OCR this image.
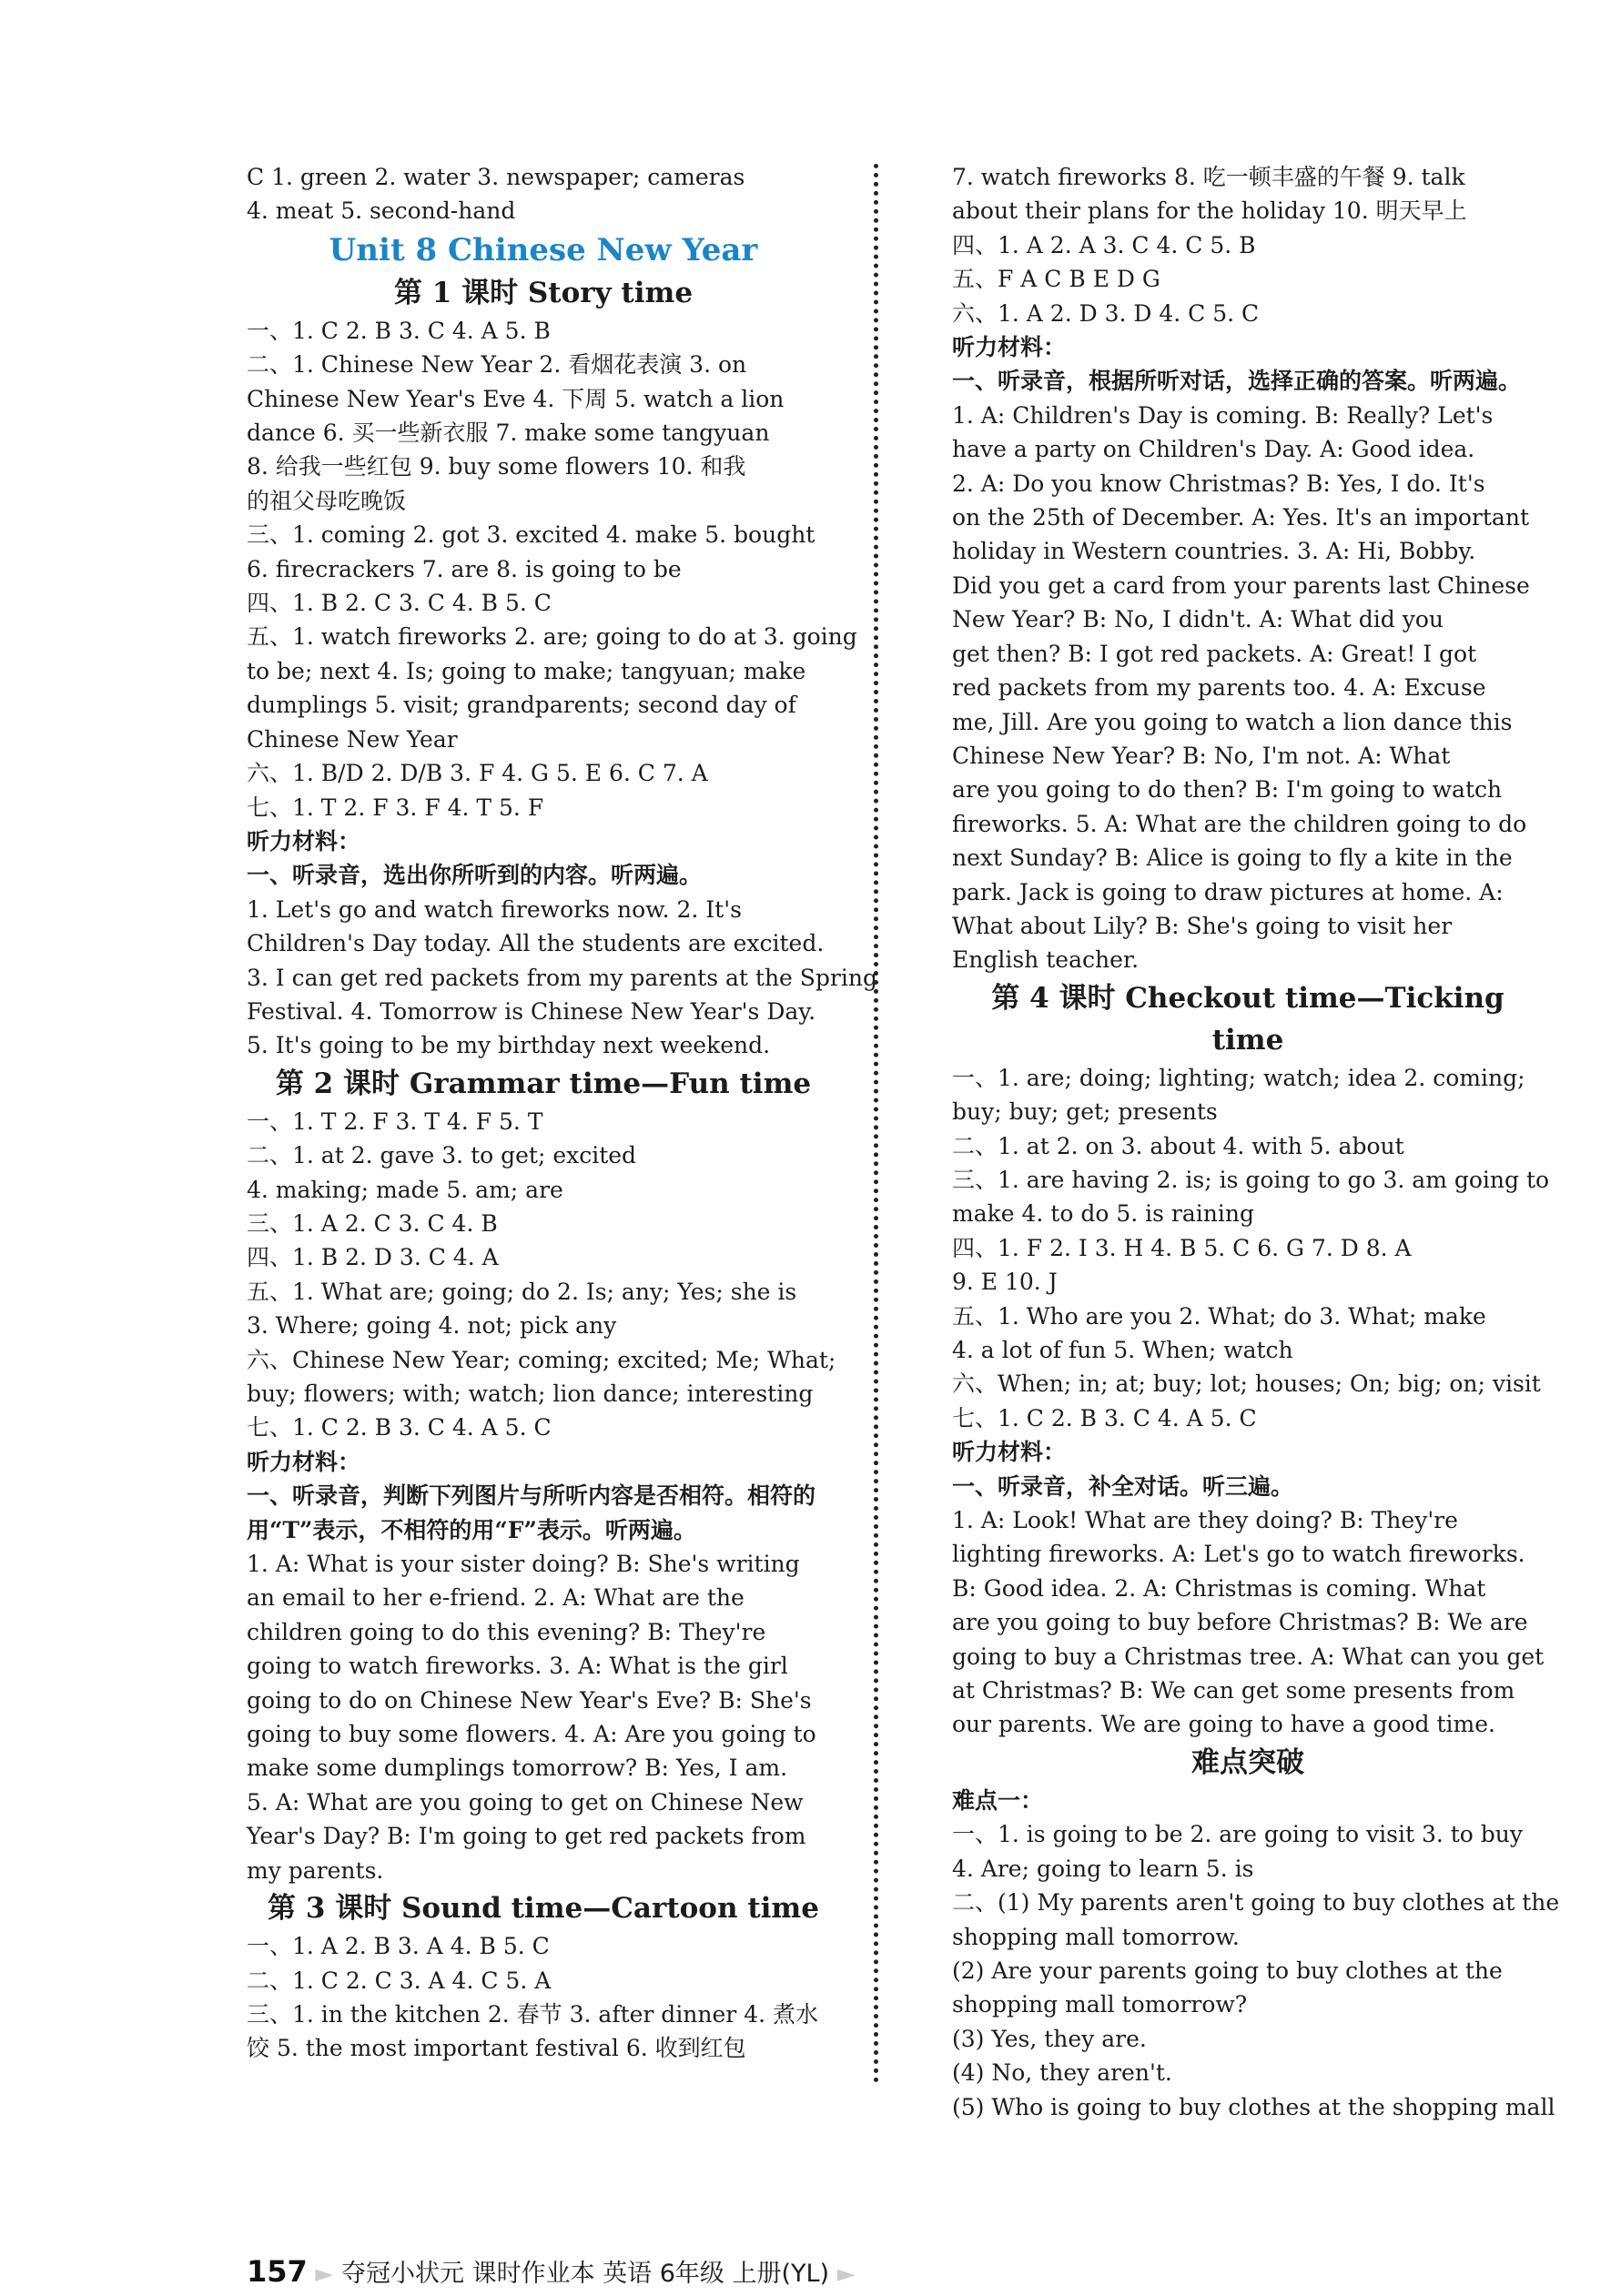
C 1. green 2. water 3. newspaper; cameras
4. meat 5. second-hand
Unit 8 Chinese New Year
第 1 课时 Story time
一、1. C 2. B 3. C 4. A 5. B
二、1. Chinese New Year 2. 看烟花表演 3. on
Chinese New Year's Eve 4. 下周 5. watch a lion
dance 6. 买一些新衣服 7. make some tangyuan
8. 给我一些红包 9. buy some flowers 10. 和我
的祖父母吃晚饭
三、1. coming 2. got 3. excited 4. make 5. bought
6. firecrackers 7. are 8. is going to be
四、1. B 2. C 3. C 4. B 5. C
五、1. watch fireworks 2. are; going to do at 3. going
to be; next 4. Is; going to make; tangyuan; make
dumplings 5. visit; grandparents; second day of
Chinese New Year
六、1. B/D 2. D/B 3. F 4. G 5. E 6. C 7. A
七、1. T 2. F 3. F 4. T 5. F
听力材料：
一、听录音，选出你所听到的内容。听两遍。
1. Let's go and watch fireworks now. 2. It's
Children's Day today. All the students are excited.
3. I can get red packets from my parents at the Spring
Festival. 4. Tomorrow is Chinese New Year's Day.
5. It's going to be my birthday next weekend.
第 2 课时 Grammar time—Fun time
一、1. T 2. F 3. T 4. F 5. T
二、1. at 2. gave 3. to get; excited
4. making; made 5. am; are
三、1. A 2. C 3. C 4. B
四、1. B 2. D 3. C 4. A
五、1. What are; going; do 2. Is; any; Yes; she is
3. Where; going 4. not; pick any
六、Chinese New Year; coming; excited; Me; What;
buy; flowers; with; watch; lion dance; interesting
七、1. C 2. B 3. C 4. A 5. C
听力材料：
一、听录音，判断下列图片与所听内容是否相符。相符的
用“T”表示，不相符的用“F”表示。听两遍。
1. A: What is your sister doing? B: She's writing
an email to her e-friend. 2. A: What are the
children going to do this evening? B: They're
going to watch fireworks. 3. A: What is the girl
going to do on Chinese New Year's Eve? B: She's
going to buy some flowers. 4. A: Are you going to
make some dumplings tomorrow? B: Yes, I am.
5. A: What are you going to get on Chinese New
Year's Day? B: I'm going to get red packets from
my parents.
第 3 课时 Sound time—Cartoon time
一、1. A 2. B 3. A 4. B 5. C
二、1. C 2. C 3. A 4. C 5. A
三、1. in the kitchen 2. 春节 3. after dinner 4. 煮水
饺 5. the most important festival 6. 收到红包
7. watch fireworks 8. 吃一顿丰盛的午餐 9. talk
about their plans for the holiday 10. 明天早上
四、1. A 2. A 3. C 4. C 5. B
五、F A C B E D G
六、1. A 2. D 3. D 4. C 5. C
听力材料：
一、听录音，根据所听对话，选择正确的答案。听两遍。
1. A: Children's Day is coming. B: Really? Let's
have a party on Children's Day. A: Good idea.
2. A: Do you know Christmas? B: Yes, I do. It's
on the 25th of December. A: Yes. It's an important
holiday in Western countries. 3. A: Hi, Bobby.
Did you get a card from your parents last Chinese
New Year? B: No, I didn't. A: What did you
get then? B: I got red packets. A: Great! I got
red packets from my parents too. 4. A: Excuse
me, Jill. Are you going to watch a lion dance this
Chinese New Year? B: No, I'm not. A: What
are you going to do then? B: I'm going to watch
fireworks. 5. A: What are the children going to do
next Sunday? B: Alice is going to fly a kite in the
park. Jack is going to draw pictures at home. A:
What about Lily? B: She's going to visit her
English teacher.
第 4 课时 Checkout time—Ticking time
一、1. are; doing; lighting; watch; idea 2. coming;
buy; buy; get; presents
二、1. at 2. on 3. about 4. with 5. about
三、1. are having 2. is; is going to go 3. am going to
make 4. to do 5. is raining
四、1. F 2. I 3. H 4. B 5. C 6. G 7. D 8. A
9. E 10. J
五、1. Who are you 2. What; do 3. What; make
4. a lot of fun 5. When; watch
六、When; in; at; buy; lot; houses; On; big; on; visit
七、1. C 2. B 3. C 4. A 5. C
听力材料：
一、听录音，补全对话。听三遍。
1. A: Look! What are they doing? B: They're
lighting fireworks. A: Let's go to watch fireworks.
B: Good idea. 2. A: Christmas is coming. What
are you going to buy before Christmas? B: We are
going to buy a Christmas tree. A: What can you get
at Christmas? B: We can get some presents from
our parents. We are going to have a good time.
难点突破
难点一：
一、1. is going to be 2. are going to visit 3. to buy
4. Are; going to learn 5. is
二、(1) My parents aren't going to buy clothes at the
shopping mall tomorrow.
(2) Are your parents going to buy clothes at the
shopping mall tomorrow?
(3) Yes, they are.
(4) No, they aren't.
(5) Who is going to buy clothes at the shopping mall
157 ► 夺冠小状元 课时作业本 英语 6年级 上册(YL) ►
